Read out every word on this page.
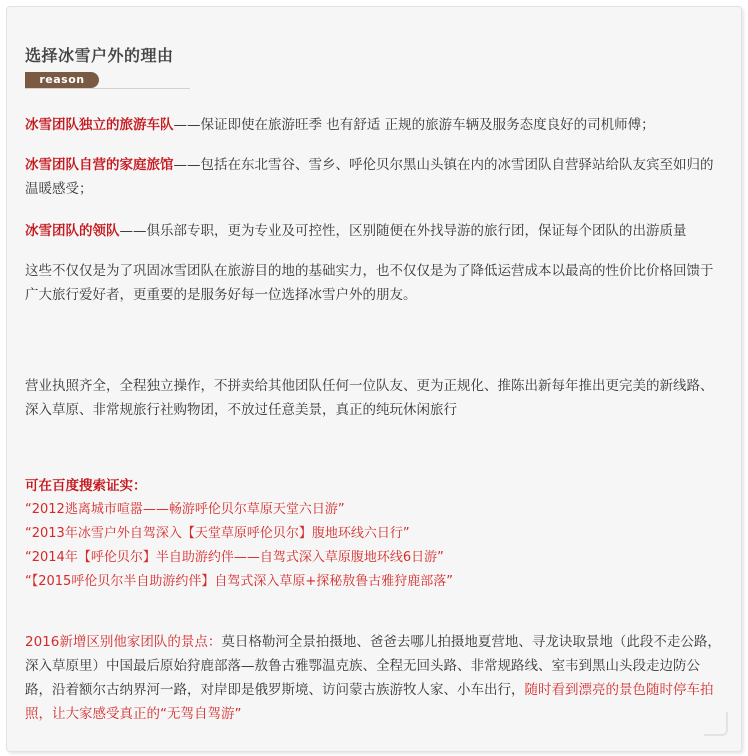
选择冰雪户外的理由
reason

冰雪团队独立的旅游车队——保证即使在旅游旺季 也有舒适 正规的旅游车辆及服务态度良好的司机师傅；

冰雪团队自营的家庭旅馆——包括在东北雪谷、雪乡、呼伦贝尔黑山头镇在内的冰雪团队自营驿站给队友宾至如归的温暖感受；

冰雪团队的领队——俱乐部专职，更为专业及可控性，区别随便在外找导游的旅行团，保证每个团队的出游质量

这些不仅仅是为了巩固冰雪团队在旅游目的地的基础实力，也不仅仅是为了降低运营成本以最高的性价比价格回馈于广大旅行爱好者，更重要的是服务好每一位选择冰雪户外的朋友。

营业执照齐全，全程独立操作，不拼卖给其他团队任何一位队友、更为正规化、推陈出新每年推出更完美的新线路、深入草原、非常规旅行社购物团，不放过任意美景，真正的纯玩休闲旅行

可在百度搜索证实：
“2012逃离城市喧嚣——畅游呼伦贝尔草原天堂六日游”
“2013年冰雪户外自驾深入【天堂草原呼伦贝尔】腹地环线六日行”
“2014年【呼伦贝尔】半自助游约伴——自驾式深入草原腹地环线6日游”
“【2015呼伦贝尔半自助游约伴】自驾式深入草原+探秘敖鲁古雅狩鹿部落”

2016新增区别他家团队的景点：莫日格勒河全景拍摄地、爸爸去哪儿拍摄地夏营地、寻龙诀取景地（此段不走公路，深入草原里）中国最后原始狩鹿部落—敖鲁古雅鄂温克族、全程无回头路、非常规路线、室韦到黑山头段走边防公路，沿着额尔古纳界河一路，对岸即是俄罗斯境、访问蒙古族游牧人家、小车出行，随时看到漂亮的景色随时停车拍照，让大家感受真正的“无驾自驾游”
